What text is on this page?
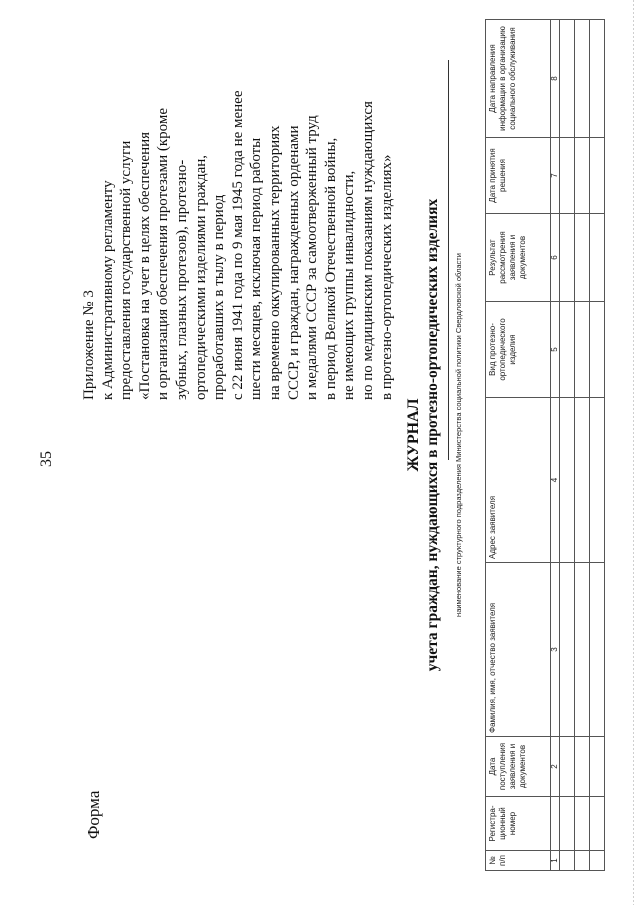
35
Форма
Приложение № 3 к Административному регламенту предоставления государственной услуги «Постановка на учет в целях обеспечения и организация обеспечения протезами (кроме зубных, глазных протезов), протезно- ортопедическими изделиями граждан, проработавших в тылу в период с 22 июня 1941 года по 9 мая 1945 года не менее шести месяцев, исключая период работы на временно оккупированных территориях СССР, и граждан, награжденных орденами и медалями СССР за самоотверженный труд в период Великой Отечественной войны, не имеющих группы инвалидности, но по медицинским показаниям нуждающихся в протезно-ортопедических изделиях»
ЖУРНАЛ учета граждан, нуждающихся в протезно-ортопедических изделиях наименование структурного подразделения Министерства социальной политики Свердловской области
№ п/п	Регистра-ционный номер	Дата поступления заявления и документов	Фамилия, имя, отчество заявителя	Адрес заявителя	Вид протезно-ортопедического изделия	Результат рассмотрения заявления и документов	Дата принятия решения	Дата направления информации в организацию социального обслуживания
1		2	3	4	5	6	7	8
